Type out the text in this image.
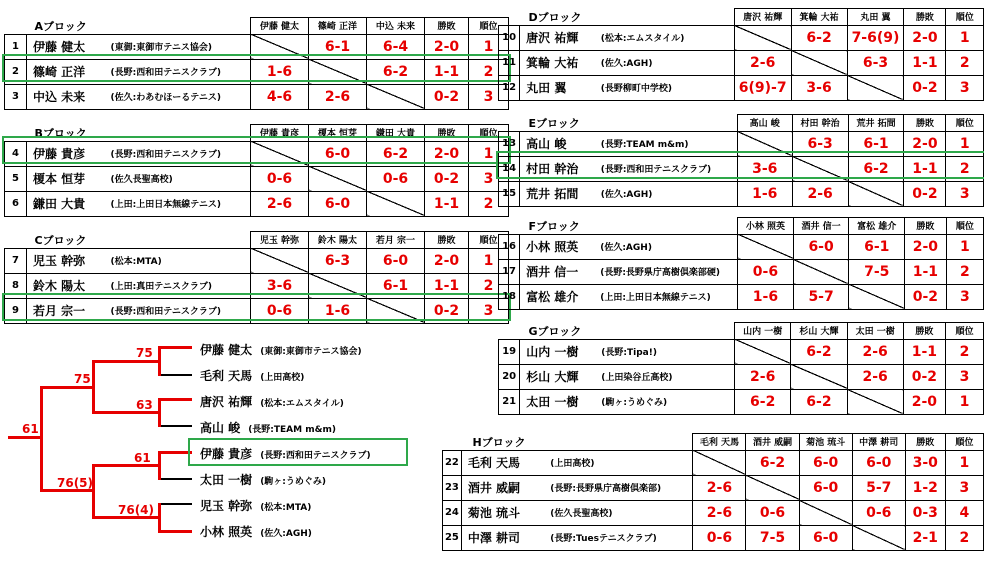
Aブロック			伊藤 健太	篠崎 正洋	中込 未来	勝敗	順位
1	伊藤 健太	(東御:東御市テニス協会)		6-1	6-4	2-0	1
2	篠崎 正洋	(長野:西和田テニスクラブ)	1-6		6-2	1-1	2
3	中込 未来	(佐久:わあむほーるテニス)	4-6	2-6		0-2	3
Bブロック			伊藤 貴彦	榎本 恒芽	鎌田 大貴	勝敗	順位
4	伊藤 貴彦	(長野:西和田テニスクラブ)		6-0	6-2	2-0	1
5	榎本 恒芽	(佐久長聖高校)	0-6		0-6	0-2	3
6	鎌田 大貴	(上田:上田日本無線テニス)	2-6	6-0		1-1	2
Cブロック			児玉 幹弥	鈴木 陽太	若月 宗一	勝敗	順位
7	児玉 幹弥	(松本:MTA)		6-3	6-0	2-0	1
8	鈴木 陽太	(上田:真田テニスクラブ)	3-6		6-1	1-1	2
9	若月 宗一	(長野:西和田テニスクラブ)	0-6	1-6		0-2	3
Dブロック			唐沢 祐輝	箕輪 大祐	丸田 翼	勝敗	順位
10	唐沢 祐輝	(松本:エムスタイル)		6-2	7-6(9)	2-0	1
11	箕輪 大祐	(佐久:AGH)	2-6		6-3	1-1	2
12	丸田 翼	(長野柳町中学校)	6(9)-7	3-6		0-2	3
Eブロック			高山 峻	村田 幹治	荒井 拓間	勝敗	順位
13	高山 峻	(長野:TEAM m&m)		6-3	6-1	2-0	1
14	村田 幹治	(長野:西和田テニスクラブ)	3-6		6-2	1-1	2
15	荒井 拓間	(佐久:AGH)	1-6	2-6		0-2	3
Fブロック			小林 照英	酒井 信一	富松 雄介	勝敗	順位
16	小林 照英	(佐久:AGH)		6-0	6-1	2-0	1
17	酒井 信一	(長野:長野県庁高樹倶楽部硬)	0-6		7-5	1-1	2
18	富松 雄介	(上田:上田日本無線テニス)	1-6	5-7		0-2	3
Gブロック			山内 一樹	杉山 大輝	太田 一樹	勝敗	順位
19	山内 一樹	(長野:Tipa!)		6-2	2-6	1-1	2
20	杉山 大輝	(上田染谷丘高校)	2-6		2-6	0-2	3
21	太田 一樹	(駒ヶ:うめぐみ)	6-2	6-2		2-0	1
Hブロック			毛利 天馬	酒井 威嗣	菊池 琉斗	中澤 耕司	勝敗	順位
22	毛利 天馬	(上田高校)		6-2	6-0	6-0	3-0	1
23	酒井 威嗣	(長野:長野県庁高樹倶楽部)	2-6		6-0	5-7	1-2	3
24	菊池 琉斗	(佐久長聖高校)	2-6	0-6		0-6	0-3	4
25	中澤 耕司	(長野:Tuesテニスクラブ)	0-6	7-5	6-0		2-1	2
75
63
61
76(4)
75
76(5)
61
伊藤 健太 (東御:東御市テニス協会)
毛利 天馬 (上田高校)
唐沢 祐輝 (松本:エムスタイル)
高山 峻 (長野:TEAM m&m)
伊藤 貴彦 (長野:西和田テニスクラブ)
太田 一樹 (駒ヶ:うめぐみ)
児玉 幹弥 (松本:MTA)
小林 照英 (佐久:AGH)
